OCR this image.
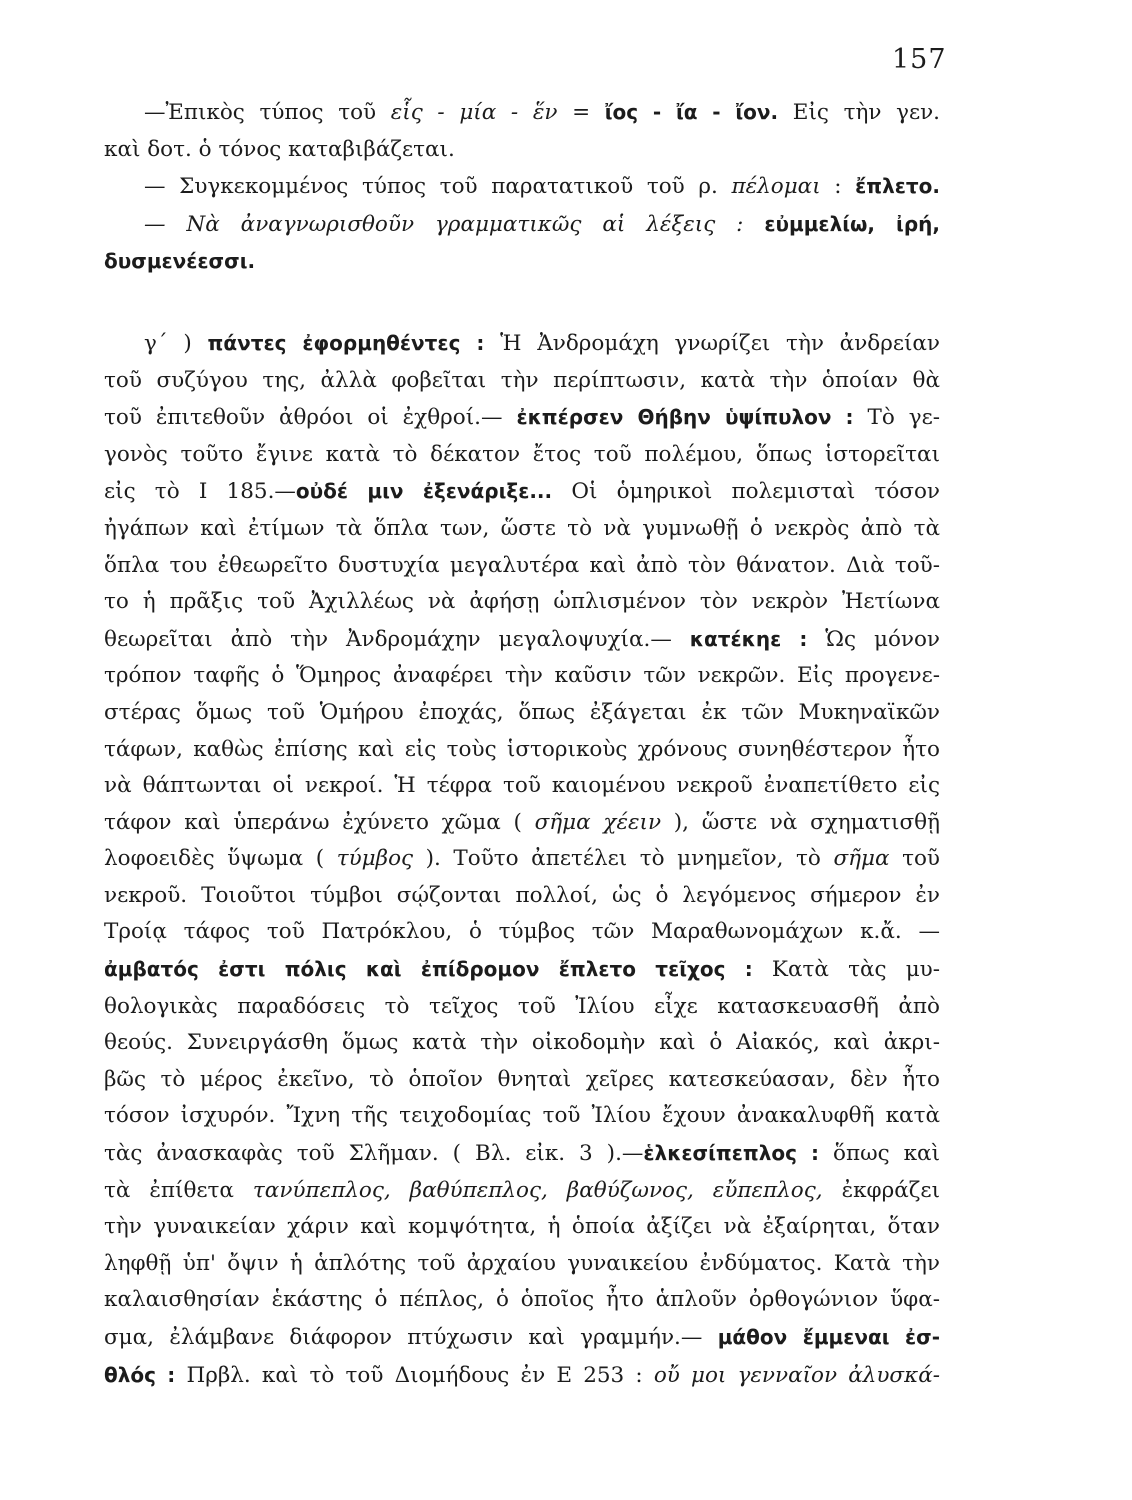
157
—Ἐπικὸς τύπος τοῦ εἷς - μία - ἕν = ἴος - ἴα - ἴον. Εἰς τὴν γεν.
καὶ δοτ. ὁ τόνος καταβιβάζεται.
— Συγκεκομμένος τύπος τοῦ παρατατικοῦ τοῦ ρ. πέλομαι : ἔπλετο.
— Νὰ ἀναγνωρισθοῦν γραμματικῶς αἱ λέξεις : εὐμμελίω, ἰρή,
δυσμενέεσσι.
γ΄ ) πάντες ἐφορμηθέντες : Ἡ Ἀνδρομάχη γνωρίζει τὴν ἀνδρείαν
τοῦ συζύγου της, ἀλλὰ φοβεῖται τὴν περίπτωσιν, κατὰ τὴν ὁποίαν θὰ
τοῦ ἐπιτεθοῦν ἀθρόοι οἱ ἐχθροί.— ἐκπέρσεν Θήβην ὑψίπυλον : Τὸ γε-
γονὸς τοῦτο ἔγινε κατὰ τὸ δέκατον ἔτος τοῦ πολέμου, ὅπως ἱστορεῖται
εἰς τὸ Ι 185.—οὐδέ μιν ἐξενάριξε... Οἱ ὁμηρικοὶ πολεμισταὶ τόσον
ἠγάπων καὶ ἐτίμων τὰ ὅπλα των, ὥστε τὸ νὰ γυμνωθῇ ὁ νεκρὸς ἀπὸ τὰ
ὅπλα του ἐθεωρεῖτο δυστυχία μεγαλυτέρα καὶ ἀπὸ τὸν θάνατον. Διὰ τοῦ-
το ἡ πρᾶξις τοῦ Ἀχιλλέως νὰ ἀφήσῃ ὡπλισμένον τὸν νεκρὸν Ἠετίωνα
θεωρεῖται ἀπὸ τὴν Ἀνδρομάχην μεγαλοψυχία.— κατέκηε : Ὡς μόνον
τρόπον ταφῆς ὁ Ὅμηρος ἀναφέρει τὴν καῦσιν τῶν νεκρῶν. Εἰς προγενε-
στέρας ὅμως τοῦ Ὁμήρου ἐποχάς, ὅπως ἐξάγεται ἐκ τῶν Μυκηναϊκῶν
τάφων, καθὼς ἐπίσης καὶ εἰς τοὺς ἱστορικοὺς χρόνους συνηθέστερον ἦτο
νὰ θάπτωνται οἱ νεκροί. Ἡ τέφρα τοῦ καιομένου νεκροῦ ἐναπετίθετο εἰς
τάφον καὶ ὑπεράνω ἐχύνετο χῶμα ( σῆμα χέειν ), ὥστε νὰ σχηματισθῇ
λοφοειδὲς ὕψωμα ( τύμβος ). Τοῦτο ἀπετέλει τὸ μνημεῖον, τὸ σῆμα τοῦ
νεκροῦ. Τοιοῦτοι τύμβοι σῴζονται πολλοί, ὡς ὁ λεγόμενος σήμερον ἐν
Τροίᾳ τάφος τοῦ Πατρόκλου, ὁ τύμβος τῶν Μαραθωνομάχων κ.ἄ. —
ἀμβατός ἐστι πόλις καὶ ἐπίδρομον ἔπλετο τεῖχος : Κατὰ τὰς μυ-
θολογικὰς παραδόσεις τὸ τεῖχος τοῦ Ἰλίου εἶχε κατασκευασθῆ ἀπὸ
θεούς. Συνειργάσθη ὅμως κατὰ τὴν οἰκοδομὴν καὶ ὁ Αἰακός, καὶ ἀκρι-
βῶς τὸ μέρος ἐκεῖνο, τὸ ὁποῖον θνηταὶ χεῖρες κατεσκεύασαν, δὲν ἦτο
τόσον ἰσχυρόν. Ἴχνη τῆς τειχοδομίας τοῦ Ἰλίου ἔχουν ἀνακαλυφθῆ κατὰ
τὰς ἀνασκαφὰς τοῦ Σλῆμαν. ( Βλ. εἰκ. 3 ).—ἑλκεσίπεπλος : ὅπως καὶ
τὰ ἐπίθετα τανύπεπλος, βαθύπεπλος, βαθύζωνος, εὔπεπλος, ἐκφράζει
τὴν γυναικείαν χάριν καὶ κομψότητα, ἡ ὁποία ἀξίζει νὰ ἐξαίρηται, ὅταν
ληφθῇ ὑπ' ὄψιν ἡ ἁπλότης τοῦ ἀρχαίου γυναικείου ἐνδύματος. Κατὰ τὴν
καλαισθησίαν ἑκάστης ὁ πέπλος, ὁ ὁποῖος ἦτο ἁπλοῦν ὀρθογώνιον ὕφα-
σμα, ἐλάμβανε διάφορον πτύχωσιν καὶ γραμμήν.— μάθον ἔμμεναι ἐσ-
θλός : Πρβλ. καὶ τὸ τοῦ Διομήδους ἐν Ε 253 : οὔ μοι γενναῖον ἀλυσκά-
